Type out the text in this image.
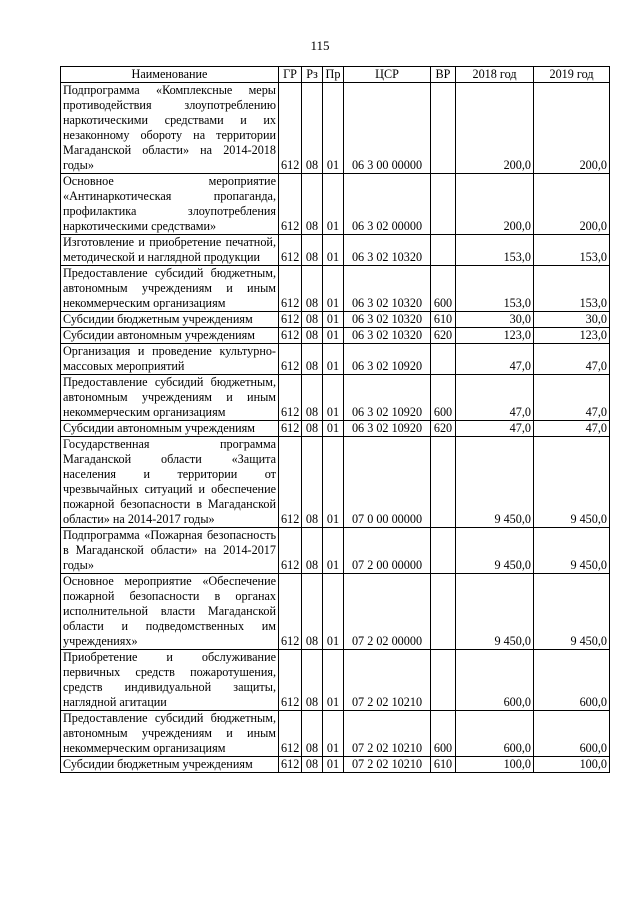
115
Наименование	ГР	Рз	Пр	ЦСР	ВР	2018 год	2019 год
Подпрограмма «Комплексные меры противодействия злоупотреблению наркотическими средствами и их незаконному обороту на территории Магаданской области» на 2014-2018 годы»	612	08	01	06 3 00 00000		200,0	200,0
Основное мероприятие «Антинаркотическая пропаганда, профилактика злоупотребления наркотическими средствами»	612	08	01	06 3 02 00000		200,0	200,0
Изготовление и приобретение печатной, методической и наглядной продукции	612	08	01	06 3 02 10320		153,0	153,0
Предоставление субсидий бюджетным, автономным учреждениям и иным некоммерческим организациям	612	08	01	06 3 02 10320	600	153,0	153,0
Субсидии бюджетным учреждениям	612	08	01	06 3 02 10320	610	30,0	30,0
Субсидии автономным учреждениям	612	08	01	06 3 02 10320	620	123,0	123,0
Организация и проведение культурно-массовых мероприятий	612	08	01	06 3 02 10920		47,0	47,0
Предоставление субсидий бюджетным, автономным учреждениям и иным некоммерческим организациям	612	08	01	06 3 02 10920	600	47,0	47,0
Субсидии автономным учреждениям	612	08	01	06 3 02 10920	620	47,0	47,0
Государственная программа Магаданской области «Защита населения и территории от чрезвычайных ситуаций и обеспечение пожарной безопасности в Магаданской области» на 2014-2017 годы»	612	08	01	07 0 00 00000		9 450,0	9 450,0
Подпрограмма «Пожарная безопасность в Магаданской области» на 2014-2017 годы»	612	08	01	07 2 00 00000		9 450,0	9 450,0
Основное мероприятие «Обеспечение пожарной безопасности в органах исполнительной власти Магаданской области и подведомственных им учреждениях»	612	08	01	07 2 02 00000		9 450,0	9 450,0
Приобретение и обслуживание первичных средств пожаротушения, средств индивидуальной защиты, наглядной агитации	612	08	01	07 2 02 10210		600,0	600,0
Предоставление субсидий бюджетным, автономным учреждениям и иным некоммерческим организациям	612	08	01	07 2 02 10210	600	600,0	600,0
Субсидии бюджетным учреждениям	612	08	01	07 2 02 10210	610	100,0	100,0
